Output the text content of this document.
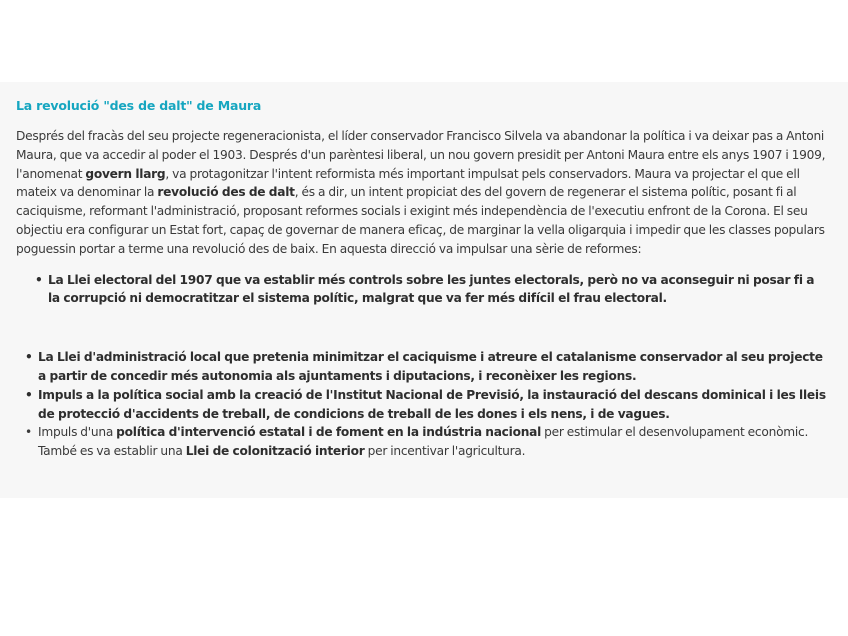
La revolució "des de dalt" de Maura

Després del fracàs del seu projecte regeneracionista, el líder conservador Francisco Silvela va abandonar la política i va deixar pas a Antoni Maura, que va accedir al poder el 1903. Després d'un parèntesi liberal, un nou govern presidit per Antoni Maura entre els anys 1907 i 1909, l'anomenat govern llarg, va protagonitzar l'intent reformista més important impulsat pels conservadors. Maura va projectar el que ell mateix va denominar la revolució des de dalt, és a dir, un intent propiciat des del govern de regenerar el sistema polític, posant fi al caciquisme, reformant l'administració, proposant reformes socials i exigint més independència de l'executiu enfront de la Corona. El seu objectiu era configurar un Estat fort, capaç de governar de manera eficaç, de marginar la vella oligarquia i impedir que les classes populars poguessin portar a terme una revolució des de baix. En aquesta direcció va impulsar una sèrie de reformes:

• La Llei electoral del 1907 que va establir més controls sobre les juntes electorals, però no va aconseguir ni posar fi a la corrupció ni democratitzar el sistema polític, malgrat que va fer més difícil el frau electoral.
• La Llei d'administració local que pretenia minimitzar el caciquisme i atreure el catalanisme conservador al seu projecte a partir de concedir més autonomia als ajuntaments i diputacions, i reconèixer les regions.
• Impuls a la política social amb la creació de l'Institut Nacional de Previsió, la instauració del descans dominical i les lleis de protecció d'accidents de treball, de condicions de treball de les dones i els nens, i de vagues.
• Impuls d'una política d'intervenció estatal i de foment en la indústria nacional per estimular el desenvolupament econòmic. També es va establir una Llei de colonització interior per incentivar l'agricultura.
